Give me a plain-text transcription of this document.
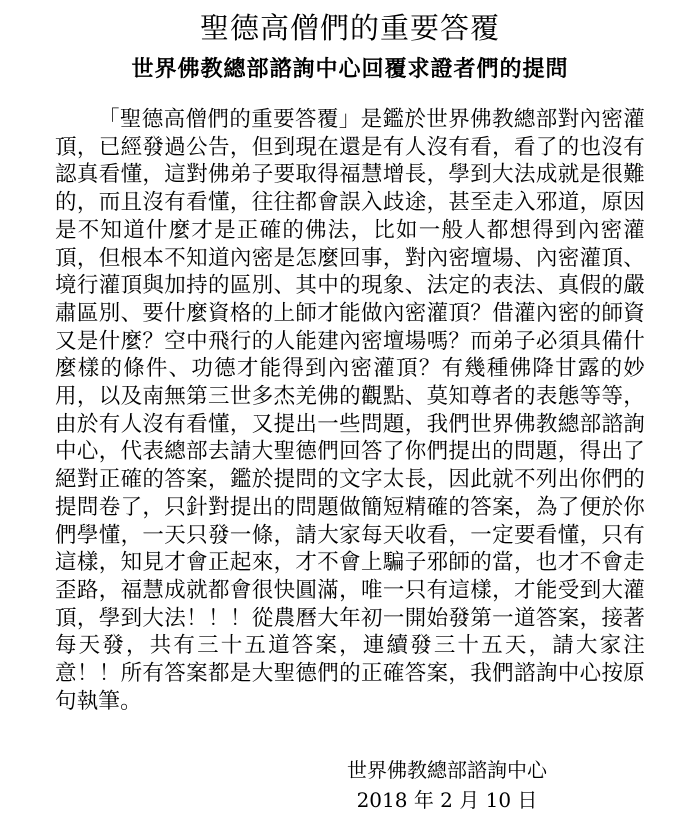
聖德高僧們的重要答覆
世界佛教總部諮詢中心回覆求證者們的提問

「聖德高僧們的重要答覆」是鑑於世界佛教總部對內密灌頂，已經發過公告，但到現在還是有人沒有看，看了的也沒有認真看懂，這對佛弟子要取得福慧增長，學到大法成就是很難的，而且沒有看懂，往往都會誤入歧途，甚至走入邪道，原因是不知道什麼才是正確的佛法，比如一般人都想得到內密灌頂，但根本不知道內密是怎麼回事，對內密壇場、內密灌頂、境行灌頂與加持的區別、其中的現象、法定的表法、真假的嚴肅區別、要什麼資格的上師才能做內密灌頂？借灌內密的師資又是什麼？空中飛行的人能建內密壇場嗎？而弟子必須具備什麼樣的條件、功德才能得到內密灌頂？有幾種佛降甘露的妙用，以及南無第三世多杰羌佛的觀點、莫知尊者的表態等等，由於有人沒有看懂，又提出一些問題，我們世界佛教總部諮詢中心，代表總部去請大聖德們回答了你們提出的問題，得出了絕對正確的答案，鑑於提問的文字太長，因此就不列出你們的提問卷了，只針對提出的問題做簡短精確的答案，為了便於你們學懂，一天只發一條，請大家每天收看，一定要看懂，只有這樣，知見才會正起來，才不會上騙子邪師的當，也才不會走歪路，福慧成就都會很快圓滿，唯一只有這樣，才能受到大灌頂，學到大法！！！從農曆大年初一開始發第一道答案，接著每天發，共有三十五道答案，連續發三十五天，請大家注意！！所有答案都是大聖德們的正確答案，我們諮詢中心按原句執筆。

世界佛教總部諮詢中心
2018 年 2 月 10 日
